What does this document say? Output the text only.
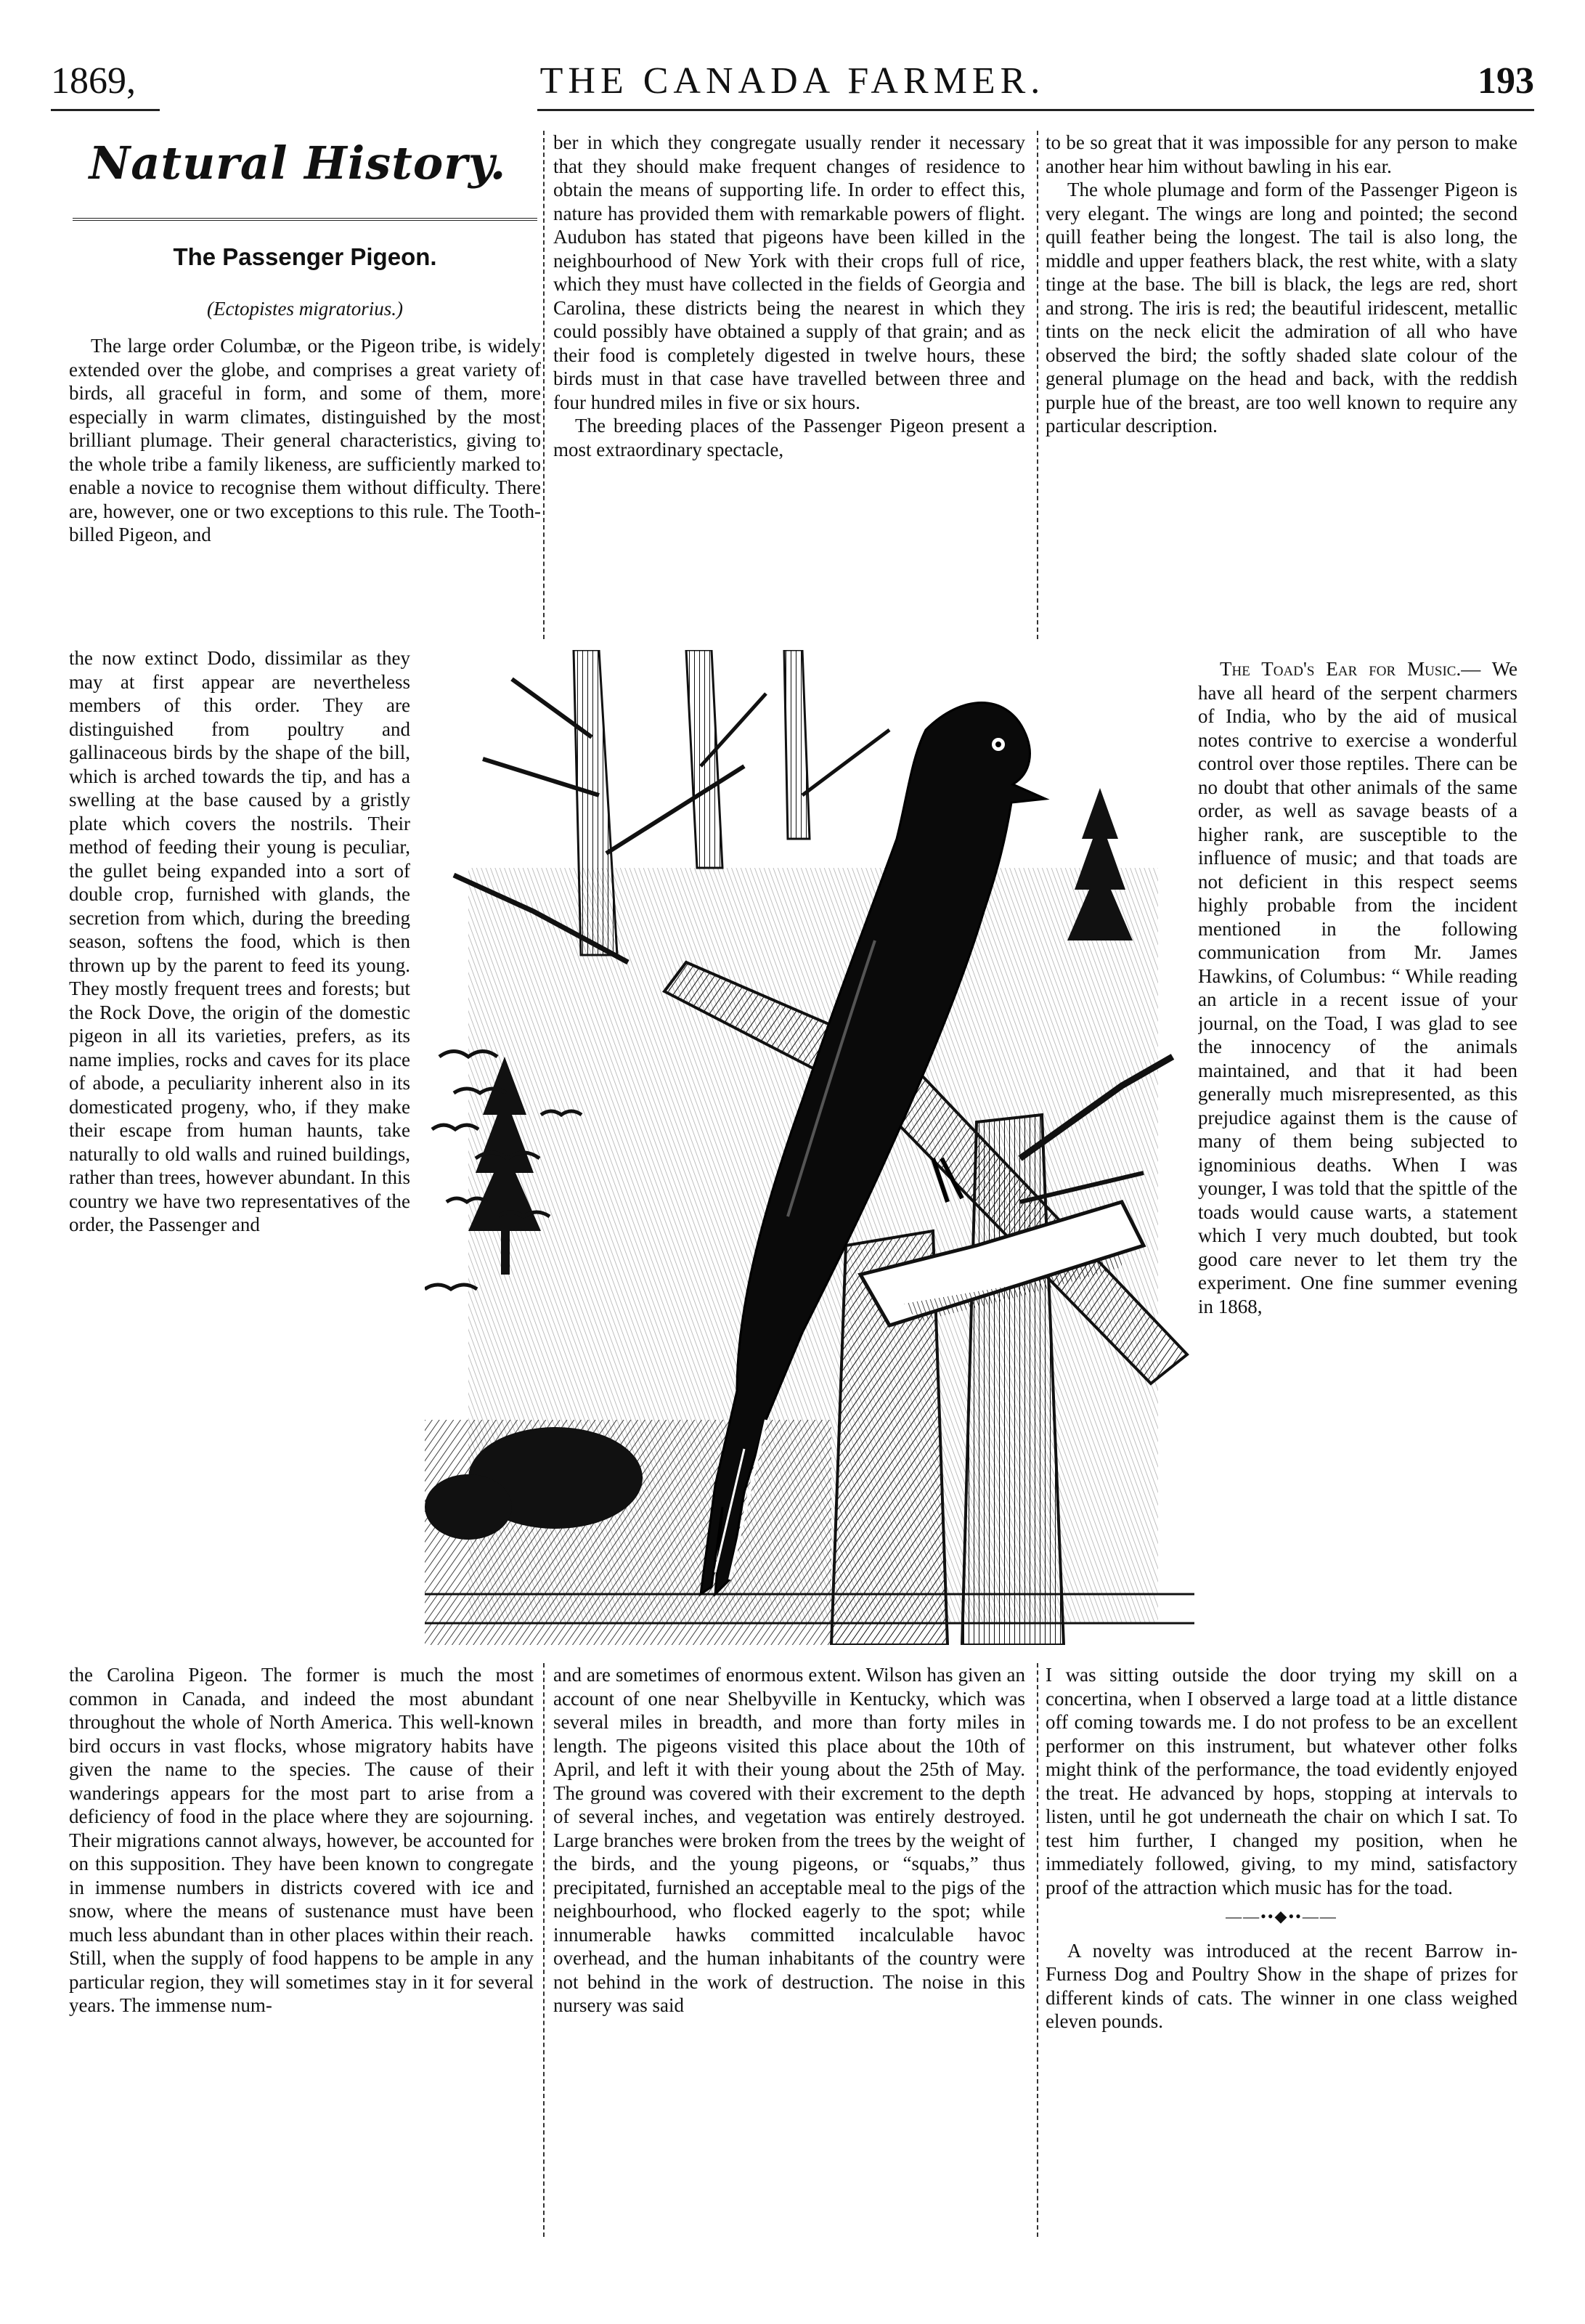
1869,	THE CANADA FARMER.	193
Natural History.
The Passenger Pigeon.
(Ectopistes migratorius.)

The large order Columbæ, or the Pigeon tribe, is widely extended over the globe, and comprises a great variety of birds, all graceful in form, and some of them, more especially in warm climates, distinguished by the most brilliant plumage. Their general characteristics, giving to the whole tribe a family likeness, are sufficiently marked to enable a novice to recognise them without difficulty. There are, however, one or two exceptions to this rule. The Tooth-billed Pigeon, and

the now extinct Dodo, dissimilar as they may at first appear are nevertheless members of this order. They are distinguished from poultry and gallinaceous birds by the shape of the bill, which is arched towards the tip, and has a swelling at the base caused by a gristly plate which covers the nostrils. Their method of feeding their young is peculiar, the gullet being expanded into a sort of double crop, furnished with glands, the secretion from which, during the breeding season, softens the food, which is then thrown up by the parent to feed its young. They mostly frequent trees and forests; but the Rock Dove, the origin of the domestic pigeon in all its varieties, prefers, as its name implies, rocks and caves for its place of abode, a peculiarity inherent also in its domesticated progeny, who, if they make their escape from human haunts, take naturally to old walls and ruined buildings, rather than trees, however abundant. In this country we have two representatives of the order, the Passenger and

the Carolina Pigeon. The former is much the most common in Canada, and indeed the most abundant throughout the whole of North America. This well-known bird occurs in vast flocks, whose migratory habits have given the name to the species. The cause of their wanderings appears for the most part to arise from a deficiency of food in the place where they are sojourning. Their migrations cannot always, however, be accounted for on this supposition. They have been known to congregate in immense numbers in districts covered with ice and snow, where the means of sustenance must have been much less abundant than in other places within their reach. Still, when the supply of food happens to be ample in any particular region, they will sometimes stay in it for several years. The immense num-

ber in which they congregate usually render it necessary that they should make frequent changes of residence to obtain the means of supporting life. In order to effect this, nature has provided them with remarkable powers of flight. Audubon has stated that pigeons have been killed in the neighbourhood of New York with their crops full of rice, which they must have collected in the fields of Georgia and Carolina, these districts being the nearest in which they could possibly have obtained a supply of that grain; and as their food is completely digested in twelve hours, these birds must in that case have travelled between three and four hundred miles in five or six hours.

The breeding places of the Passenger Pigeon present a most extraordinary spectacle,

and are sometimes of enormous extent. Wilson has given an account of one near Shelbyville in Kentucky, which was several miles in breadth, and more than forty miles in length. The pigeons visited this place about the 10th of April, and left it with their young about the 25th of May. The ground was covered with their excrement to the depth of several inches, and vegetation was entirely destroyed. Large branches were broken from the trees by the weight of the birds, and the young pigeons, or “squabs,” thus precipitated, furnished an acceptable meal to the pigs of the neighbourhood, who flocked eagerly to the spot; while innumerable hawks committed incalculable havoc overhead, and the human inhabitants of the country were not behind in the work of destruction. The noise in this nursery was said

to be so great that it was impossible for any person to make another hear him without bawling in his ear.

The whole plumage and form of the Passenger Pigeon is very elegant. The wings are long and pointed; the second quill feather being the longest. The tail is also long, the middle and upper feathers black, the rest white, with a slaty tinge at the base. The bill is black, the legs are red, short and strong. The iris is red; the beautiful iridescent, metallic tints on the neck elicit the admiration of all who have observed the bird; the softly shaded slate colour of the general plumage on the head and back, with the reddish purple hue of the breast, are too well known to require any particular description.

The Toad's Ear for Music.— We have all heard of the serpent charmers of India, who by the aid of musical notes contrive to exercise a wonderful control over those reptiles. There can be no doubt that other animals of the same order, as well as savage beasts of a higher rank, are susceptible to the influence of music; and that toads are not deficient in this respect seems highly probable from the incident mentioned in the following communication from Mr. James Hawkins, of Columbus: “ While reading an article in a recent issue of your journal, on the Toad, I was glad to see the innocency of the animals maintained, and that it had been generally much misrepresented, as this prejudice against them is the cause of many of them being subjected to ignominious deaths. When I was younger, I was told that the spittle of the toads would cause warts, a statement which I very much doubted, but took good care never to let them try the experiment. One fine summer evening in 1868,

I was sitting outside the door trying my skill on a concertina, when I observed a large toad at a little distance off coming towards me. I do not profess to be an excellent performer on this instrument, but whatever other folks might think of the performance, the toad evidently enjoyed the treat. He advanced by hops, stopping at intervals to listen, until he got underneath the chair on which I sat. To test him further, I changed my position, when he immediately followed, giving, to my mind, satisfactory proof of the attraction which music has for the toad.

——••◆••——

A novelty was introduced at the recent Barrow in-Furness Dog and Poultry Show in the shape of prizes for different kinds of cats. The winner in one class weighed eleven pounds.
